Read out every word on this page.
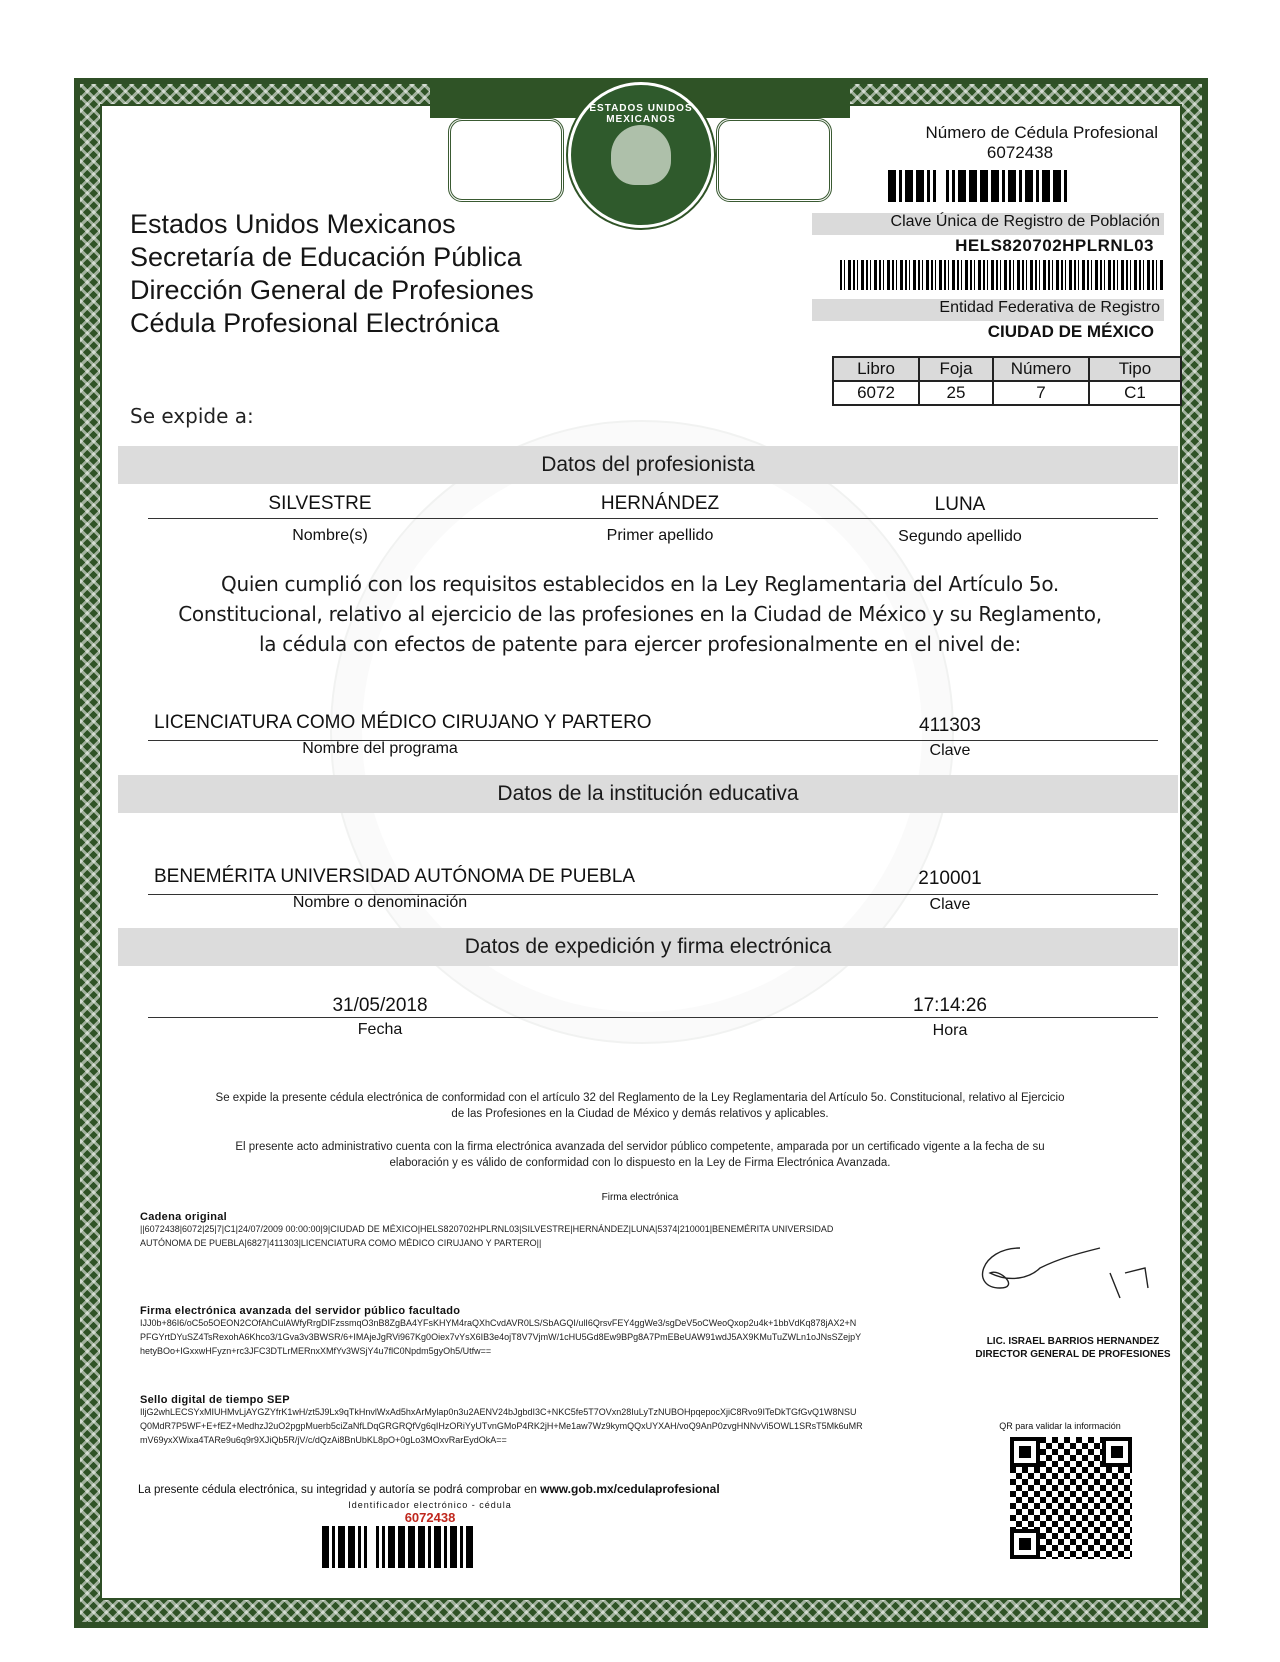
ESTADOS UNIDOS MEXICANOS
Estados Unidos Mexicanos
Secretaría de Educación Pública
Dirección General de Profesiones
Cédula Profesional Electrónica
Se expide a:
Número de Cédula Profesional
6072438
Clave Única de Registro de Población
HELS820702HPLRNL03
Entidad Federativa de Registro
CIUDAD DE MÉXICO
Libro	Foja	Número	Tipo
6072	25	7	C1
Datos del profesionista
SILVESTRE	HERNÁNDEZ	LUNA
Nombre(s)	Primer apellido	Segundo apellido
Quien cumplió con los requisitos establecidos en la Ley Reglamentaria del Artículo 5o.
Constitucional, relativo al ejercicio de las profesiones en la Ciudad de México y su Reglamento,
la cédula con efectos de patente para ejercer profesionalmente en el nivel de:
LICENCIATURA COMO MÉDICO CIRUJANO Y PARTERO	411303
Nombre del programa	Clave
Datos de la institución educativa
BENEMÉRITA UNIVERSIDAD AUTÓNOMA DE PUEBLA	210001
Nombre o denominación	Clave
Datos de expedición y firma electrónica
31/05/2018	17:14:26
Fecha	Hora
Se expide la presente cédula electrónica de conformidad con el artículo 32 del Reglamento de la Ley Reglamentaria del Artículo 5o. Constitucional, relativo al Ejercicio
de las Profesiones en la Ciudad de México y demás relativos y aplicables.
El presente acto administrativo cuenta con la firma electrónica avanzada del servidor público competente, amparada por un certificado vigente a la fecha de su
elaboración y es válido de conformidad con lo dispuesto en la Ley de Firma Electrónica Avanzada.
Firma electrónica
Cadena original
||6072438|6072|25|7|C1|24/07/2009 00:00:00|9|CIUDAD DE MÉXICO|HELS820702HPLRNL03|SILVESTRE|HERNÁNDEZ|LUNA|5374|210001|BENEMÉRITA UNIVERSIDAD
AUTÓNOMA DE PUEBLA|6827|411303|LICENCIATURA COMO MÉDICO CIRUJANO Y PARTERO||
Firma electrónica avanzada del servidor público facultado
IJJ0b+86I6/oC5o5OEON2COfAhCulAWfyRrgDIFzssmqO3nB8ZgBA4YFsKHYM4raQXhCvdAVR0LS/SbAGQI/ulI6QrsvFEY4ggWe3/sgDeV5oCWeoQxop2u4k+1bbVdKq878jAX2+N
PFGYrtDYuSZ4TsRexohA6Khco3/1Gva3v3BWSR/6+IMAjeJgRVi967Kg0Oiex7vYsX6IB3e4ojT8V7VjmW/1cHU5Gd8Ew9BPg8A7PmEBeUAW91wdJ5AX9KMuTuZWLn1oJNsSZejpY
hetyBOo+IGxxwHFyzn+rc3JFC3DTLrMERnxXMfYv3WSjY4u7flC0Npdm5gyOh5/Utfw==
Sello digital de tiempo SEP
IljG2whLECSYxMIUHMvLjAYGZYfrK1wH/zt5J9Lx9qTkHnvlWxAd5hxArMylap0n3u2AENV24bJgbdI3C+NKC5fe5T7OVxn28IuLyTzNUBOHpqepocXjiC8Rvo9ITeDkTGfGvQ1W8NSU
Q0MdR7P5WF+E+fEZ+MedhzJ2uO2pgpMuerb5ciZaNfLDqGRGRQfVg6qIHzORiYyUTvnGMoP4RK2jH+Me1aw7Wz9kymQQxUYXAH/voQ9AnP0zvgHNNvVi5OWL1SRsT5Mk6uMR
mV69yxXWixa4TARe9u6q9r9XJiQb5R/jV/c/dQzAi8BnUbKL8pO+0gLo3MOxvRarEydOkA==
LIC. ISRAEL BARRIOS HERNANDEZ
DIRECTOR GENERAL DE PROFESIONES
QR para validar la información
La presente cédula electrónica, su integridad y autoría se podrá comprobar en www.gob.mx/cedulaprofesional
Identificador electrónico - cédula
6072438
